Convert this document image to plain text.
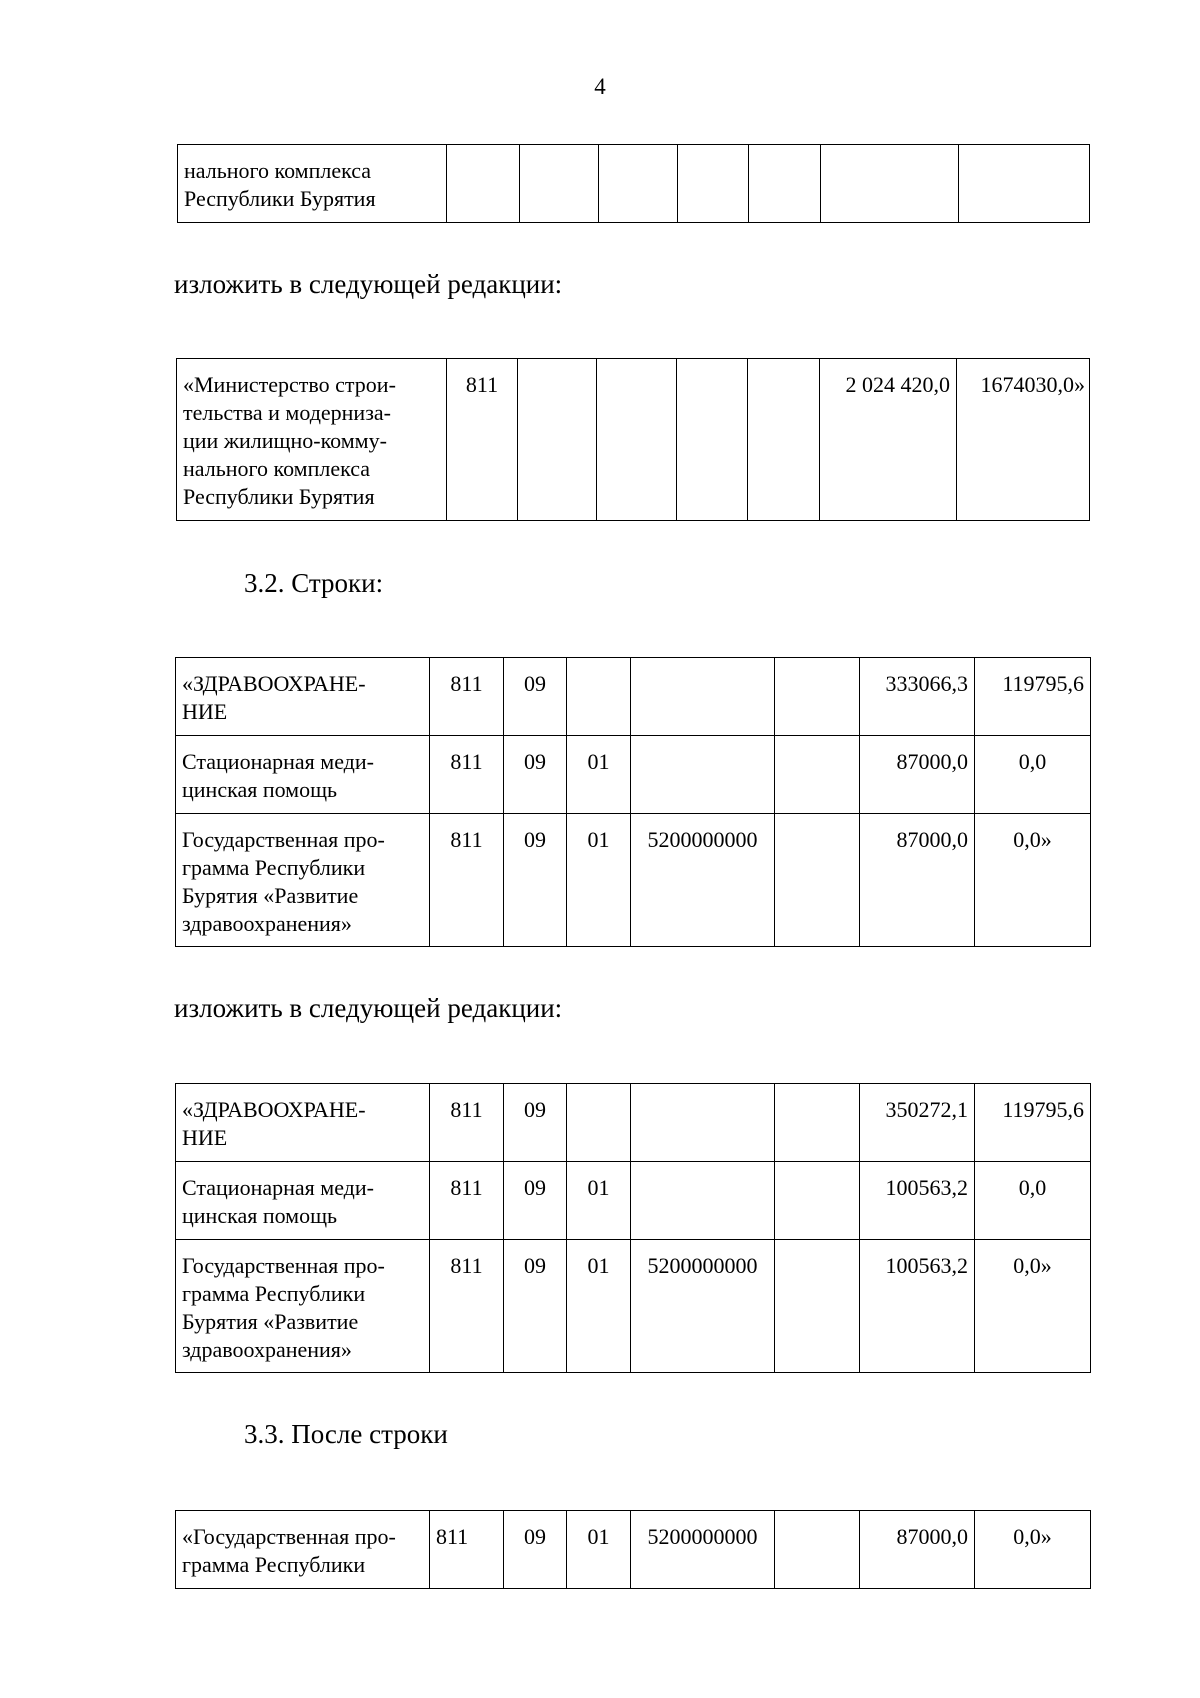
4
нального комплекса
Республики Бурятия

изложить в следующей редакции:
«Министерство строи-
тельства и модерниза-
ции жилищно-комму-
нального комплекса
Республики Бурятия
	811					2 024 420,0	1674030,0»
3.2. Строки:
«ЗДРАВООХРАНЕ-
НИЕ	811	09				333066,3	119795,6

Стационарная меди-
цинская помощь	811	09	01			87000,0	0,0

Государственная про-
грамма Республики
Бурятия «Развитие
здравоохранения»	811	09	01	5200000000		87000,0	0,0»
изложить в следующей редакции:
«ЗДРАВООХРАНЕ-
НИЕ	811	09				350272,1	119795,6

Стационарная меди-
цинская помощь	811	09	01			100563,2	0,0

Государственная про-
грамма Республики
Бурятия «Развитие
здравоохранения»	811	09	01	5200000000		100563,2	0,0»
3.3. После строки
«Государственная про-
грамма Республики
	811	09	01	5200000000		87000,0	0,0»
